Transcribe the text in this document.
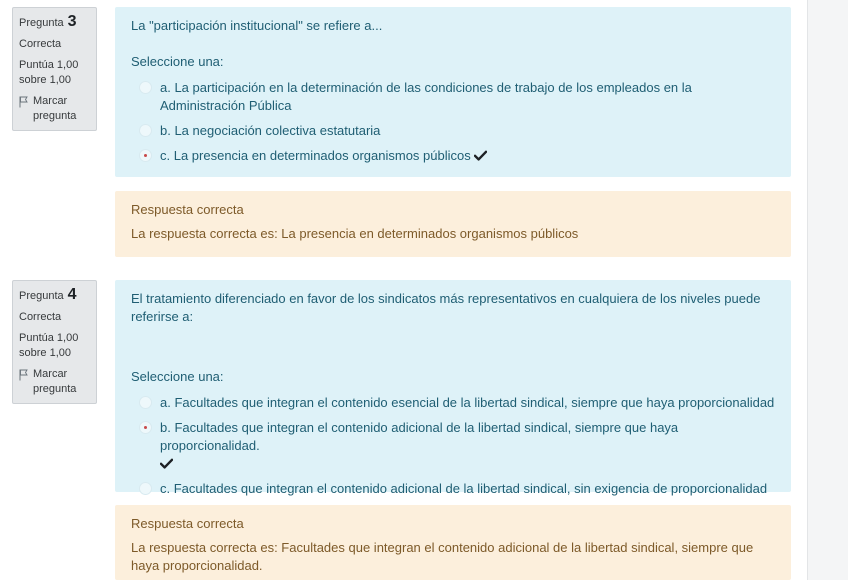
Pregunta 3
Correcta
Puntúa 1,00
sobre 1,00
Marcar pregunta
La "participación institucional" se refiere a...
Seleccione una:
a. La participación en la determinación de las condiciones de trabajo de los empleados en la Administración Pública
b. La negociación colectiva estatutaria
c. La presencia en determinados organismos públicos
Respuesta correcta
La respuesta correcta es: La presencia en determinados organismos públicos
Pregunta 4
Correcta
Puntúa 1,00
sobre 1,00
Marcar pregunta
El tratamiento diferenciado en favor de los sindicatos más representativos en cualquiera de los niveles puede referirse a:
Seleccione una:
a. Facultades que integran el contenido esencial de la libertad sindical, siempre que haya proporcionalidad
b. Facultades que integran el contenido adicional de la libertad sindical, siempre que haya proporcionalidad.

c. Facultades que integran el contenido adicional de la libertad sindical, sin exigencia de proporcionalidad
Respuesta correcta
La respuesta correcta es: Facultades que integran el contenido adicional de la libertad sindical, siempre que haya proporcionalidad.
